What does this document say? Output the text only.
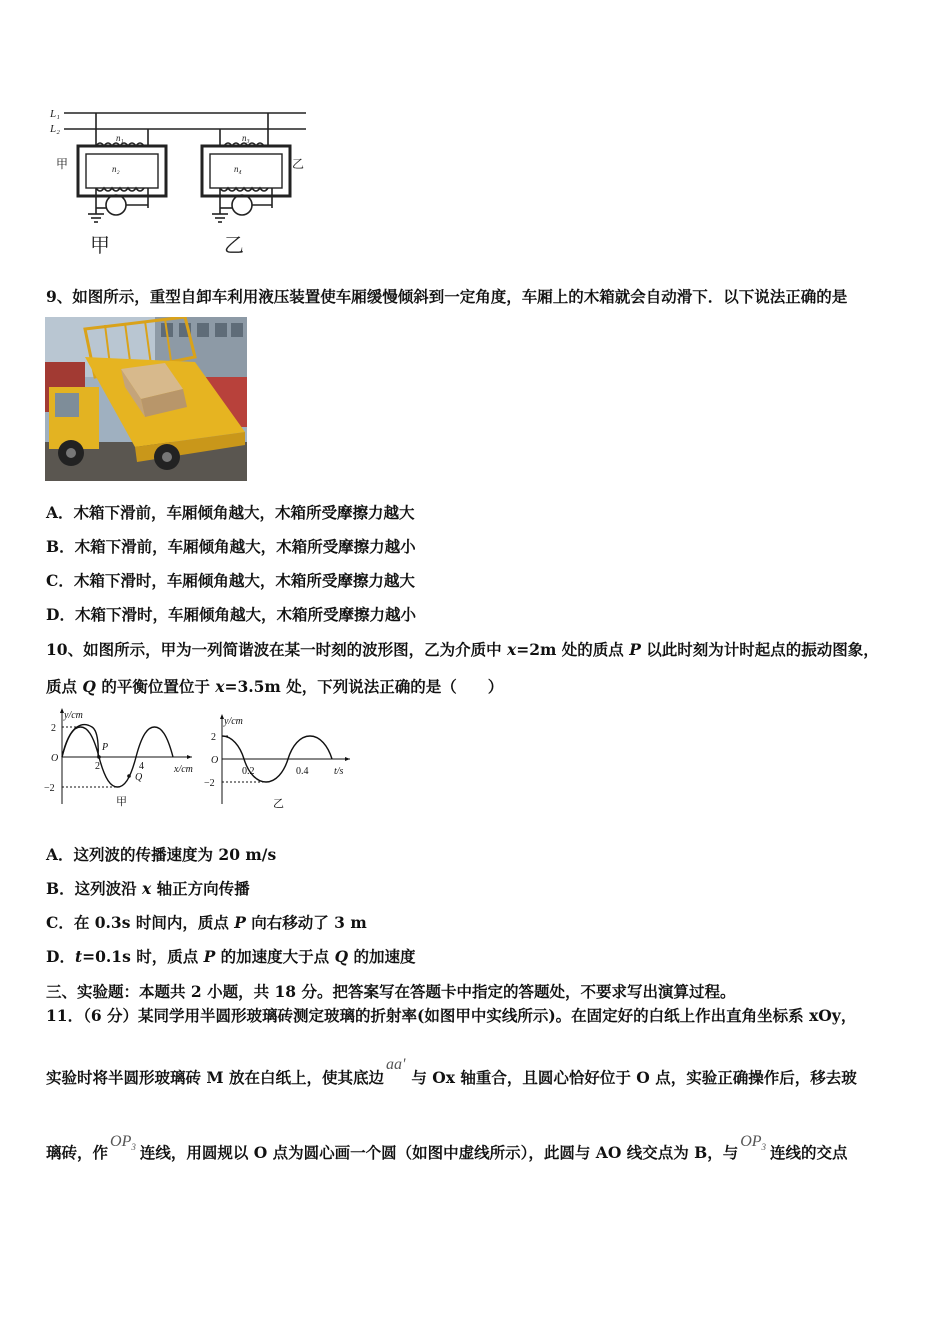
L₁
L₂
n₁
n₂
甲
n₃
n₄	乙
甲	乙
9、如图所示，重型自卸车利用液压装置使车厢缓慢倾斜到一定角度，车厢上的木箱就会自动滑下．以下说法正确的是
A．木箱下滑前，车厢倾角越大，木箱所受摩擦力越大
B．木箱下滑前，车厢倾角越大，木箱所受摩擦力越小
C．木箱下滑时，车厢倾角越大，木箱所受摩擦力越大
D．木箱下滑时，车厢倾角越大，木箱所受摩擦力越小
10、如图所示，甲为一列简谐波在某一时刻的波形图，乙为介质中 x=2m 处的质点 P 以此时刻为计时起点的振动图象，
质点 Q 的平衡位置位于 x=3.5m 处，下列说法正确的是（　　）
y/cm
x/cm
2
−2
O
2	4
P
Q
甲
y/cm
t/s
2
−2
O
0.2	0.4
乙
A．这列波的传播速度为 20 m/s
B．这列波沿 x 轴正方向传播
C．在 0.3s 时间内，质点 P 向右移动了 3 m
D．t=0.1s 时，质点 P 的加速度大于点 Q 的加速度
三、实验题：本题共 2 小题，共 18 分。把答案写在答题卡中指定的答题处，不要求写出演算过程。
11．（6 分）某同学用半圆形玻璃砖测定玻璃的折射率(如图甲中实线所示)。在固定好的白纸上作出直角坐标系 xOy，
实验时将半圆形玻璃砖 M 放在白纸上，使其底边aa'与 Ox 轴重合，且圆心恰好位于 O 点，实验正确操作后，移去玻
璃砖，作$OP_3$ 连线，用圆规以 O 点为圆心画一个圆（如图中虚线所示），此圆与 AO 线交点为 B，与$OP_3$ 连线的交点
